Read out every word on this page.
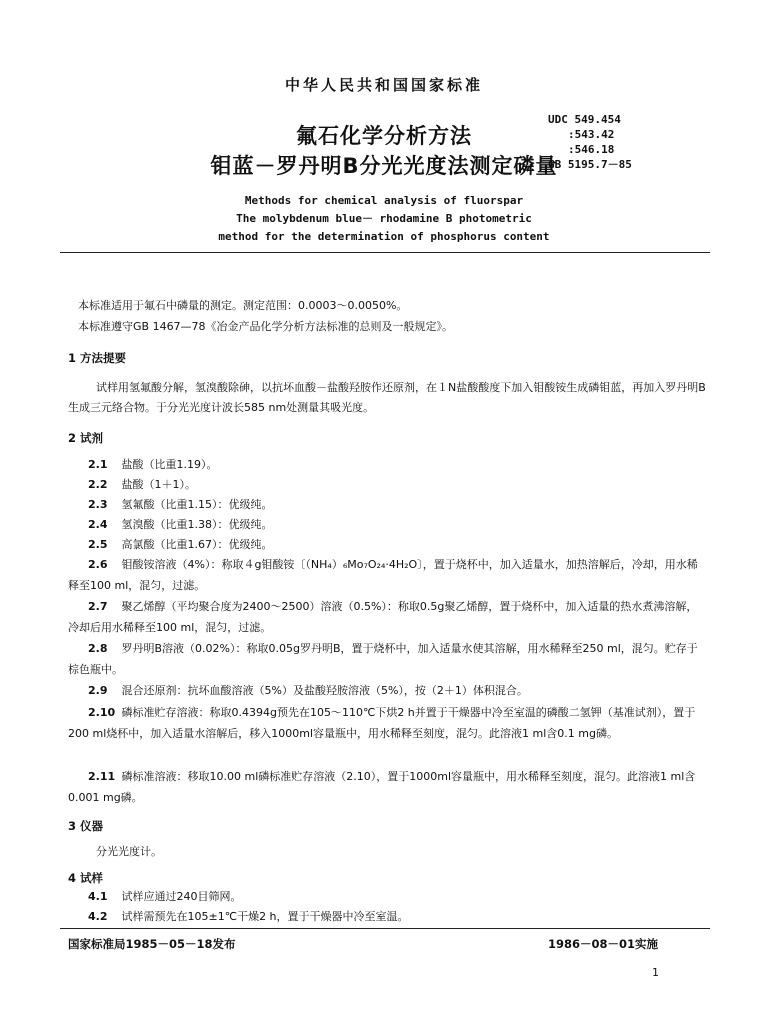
中华人民共和国国家标准
UDC 549.454
:543.42
:546.18
GB 5195.7－85
氟石化学分析方法
钼蓝－罗丹明B分光光度法测定磷量
Methods for chemical analysis of fluorspar
The molybdenum blue－ rhodamine B photometric
method for the determination of phosphorus content
本标准适用于氟石中磷量的测定。测定范围：0.0003～0.0050%。
本标准遵守GB 1467—78《冶金产品化学分析方法标准的总则及一般规定》。
1 方法提要
试样用氢氟酸分解，氢溴酸除砷，以抗坏血酸－盐酸羟胺作还原剂，在１N盐酸酸度下加入钼酸铵生成磷钼蓝，再加入罗丹明B生成三元络合物。于分光光度计波长585 nm处测量其吸光度。
2 试剂
2.1 盐酸（比重1.19）。
2.2 盐酸（1＋1）。
2.3 氢氟酸（比重1.15）：优级纯。
2.4 氢溴酸（比重1.38）：优级纯。
2.5 高氯酸（比重1.67）：优级纯。
2.6 钼酸铵溶液（4%）：称取４g钼酸铵〔（NH₄）₆Mo₇O₂₄·4H₂O〕，置于烧杯中，加入适量水，加热溶解后，冷却，用水稀释至100 ml，混匀，过滤。
2.7 聚乙烯醇（平均聚合度为2400～2500）溶液（0.5%）：称取0.5g聚乙烯醇，置于烧杯中，加入适量的热水煮沸溶解，冷却后用水稀释至100 ml，混匀，过滤。
2.8 罗丹明B溶液（0.02%）：称取0.05g罗丹明B，置于烧杯中，加入适量水使其溶解，用水稀释至250 ml，混匀。贮存于棕色瓶中。
2.9 混合还原剂：抗坏血酸溶液（5%）及盐酸羟胺溶液（5%），按（2＋1）体积混合。
2.10 磷标准贮存溶液：称取0.4394g预先在105～110℃下烘2 h并置于干燥器中冷至室温的磷酸二氢钾（基准试剂），置于200 ml烧杯中，加入适量水溶解后，移入1000ml容量瓶中，用水稀释至刻度，混匀。此溶液1 ml含0.1 mg磷。
2.11 磷标准溶液：移取10.00 ml磷标准贮存溶液（2.10），置于1000ml容量瓶中，用水稀释至刻度，混匀。此溶液1 ml含0.001 mg磷。
3 仪器
分光光度计。
4 试样
4.1 试样应通过240目筛网。
4.2 试样需预先在105±1℃干燥2 h，置于干燥器中冷至室温。
国家标准局1985－05－18发布	1986－08－01实施
1
